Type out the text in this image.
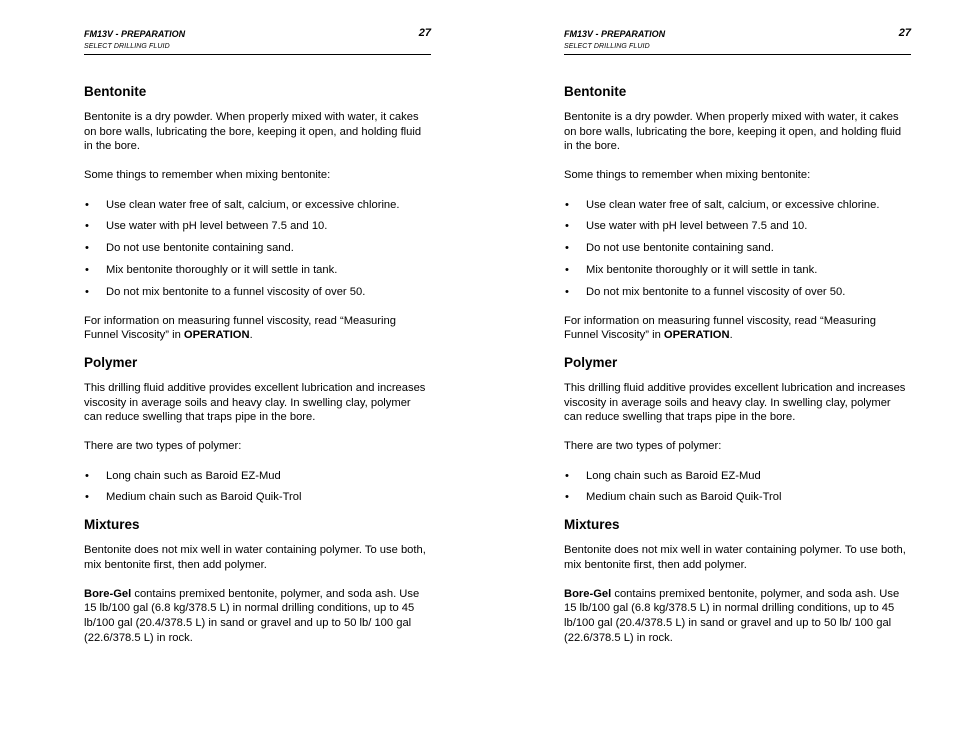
FM13V - PREPARATION
SELECT DRILLING FLUID
27
Bentonite

Bentonite is a dry powder. When properly mixed with water, it cakes on bore walls, lubricating the bore, keeping it open, and holding fluid in the bore.

Some things to remember when mixing bentonite:

• Use clean water free of salt, calcium, or excessive chlorine.
• Use water with pH level between 7.5 and 10.
• Do not use bentonite containing sand.
• Mix bentonite thoroughly or it will settle in tank.
• Do not mix bentonite to a funnel viscosity of over 50.

For information on measuring funnel viscosity, read “Measuring Funnel Viscosity” in OPERATION.

Polymer

This drilling fluid additive provides excellent lubrication and increases viscosity in average soils and heavy clay. In swelling clay, polymer can reduce swelling that traps pipe in the bore.

There are two types of polymer:

• Long chain such as Baroid EZ-Mud
• Medium chain such as Baroid Quik-Trol
Mixtures

Bentonite does not mix well in water containing polymer. To use both, mix bentonite first, then add polymer.

Bore-Gel contains premixed bentonite, polymer, and soda ash. Use 15 lb/100 gal (6.8 kg/378.5 L) in normal drilling conditions, up to 45 lb/100 gal (20.4/378.5 L) in sand or gravel and up to 50 lb/ 100 gal (22.6/378.5 L) in rock.

FM13V - PREPARATION
SELECT DRILLING FLUID
27
Bentonite

Bentonite is a dry powder. When properly mixed with water, it cakes on bore walls, lubricating the bore, keeping it open, and holding fluid in the bore.

Some things to remember when mixing bentonite:

• Use clean water free of salt, calcium, or excessive chlorine.
• Use water with pH level between 7.5 and 10.
• Do not use bentonite containing sand.
• Mix bentonite thoroughly or it will settle in tank.
• Do not mix bentonite to a funnel viscosity of over 50.

For information on measuring funnel viscosity, read “Measuring Funnel Viscosity” in OPERATION.

Polymer

This drilling fluid additive provides excellent lubrication and increases viscosity in average soils and heavy clay. In swelling clay, polymer can reduce swelling that traps pipe in the bore.

There are two types of polymer:

• Long chain such as Baroid EZ-Mud
• Medium chain such as Baroid Quik-Trol
Mixtures

Bentonite does not mix well in water containing polymer. To use both, mix bentonite first, then add polymer.

Bore-Gel contains premixed bentonite, polymer, and soda ash. Use 15 lb/100 gal (6.8 kg/378.5 L) in normal drilling conditions, up to 45 lb/100 gal (20.4/378.5 L) in sand or gravel and up to 50 lb/ 100 gal (22.6/378.5 L) in rock.
